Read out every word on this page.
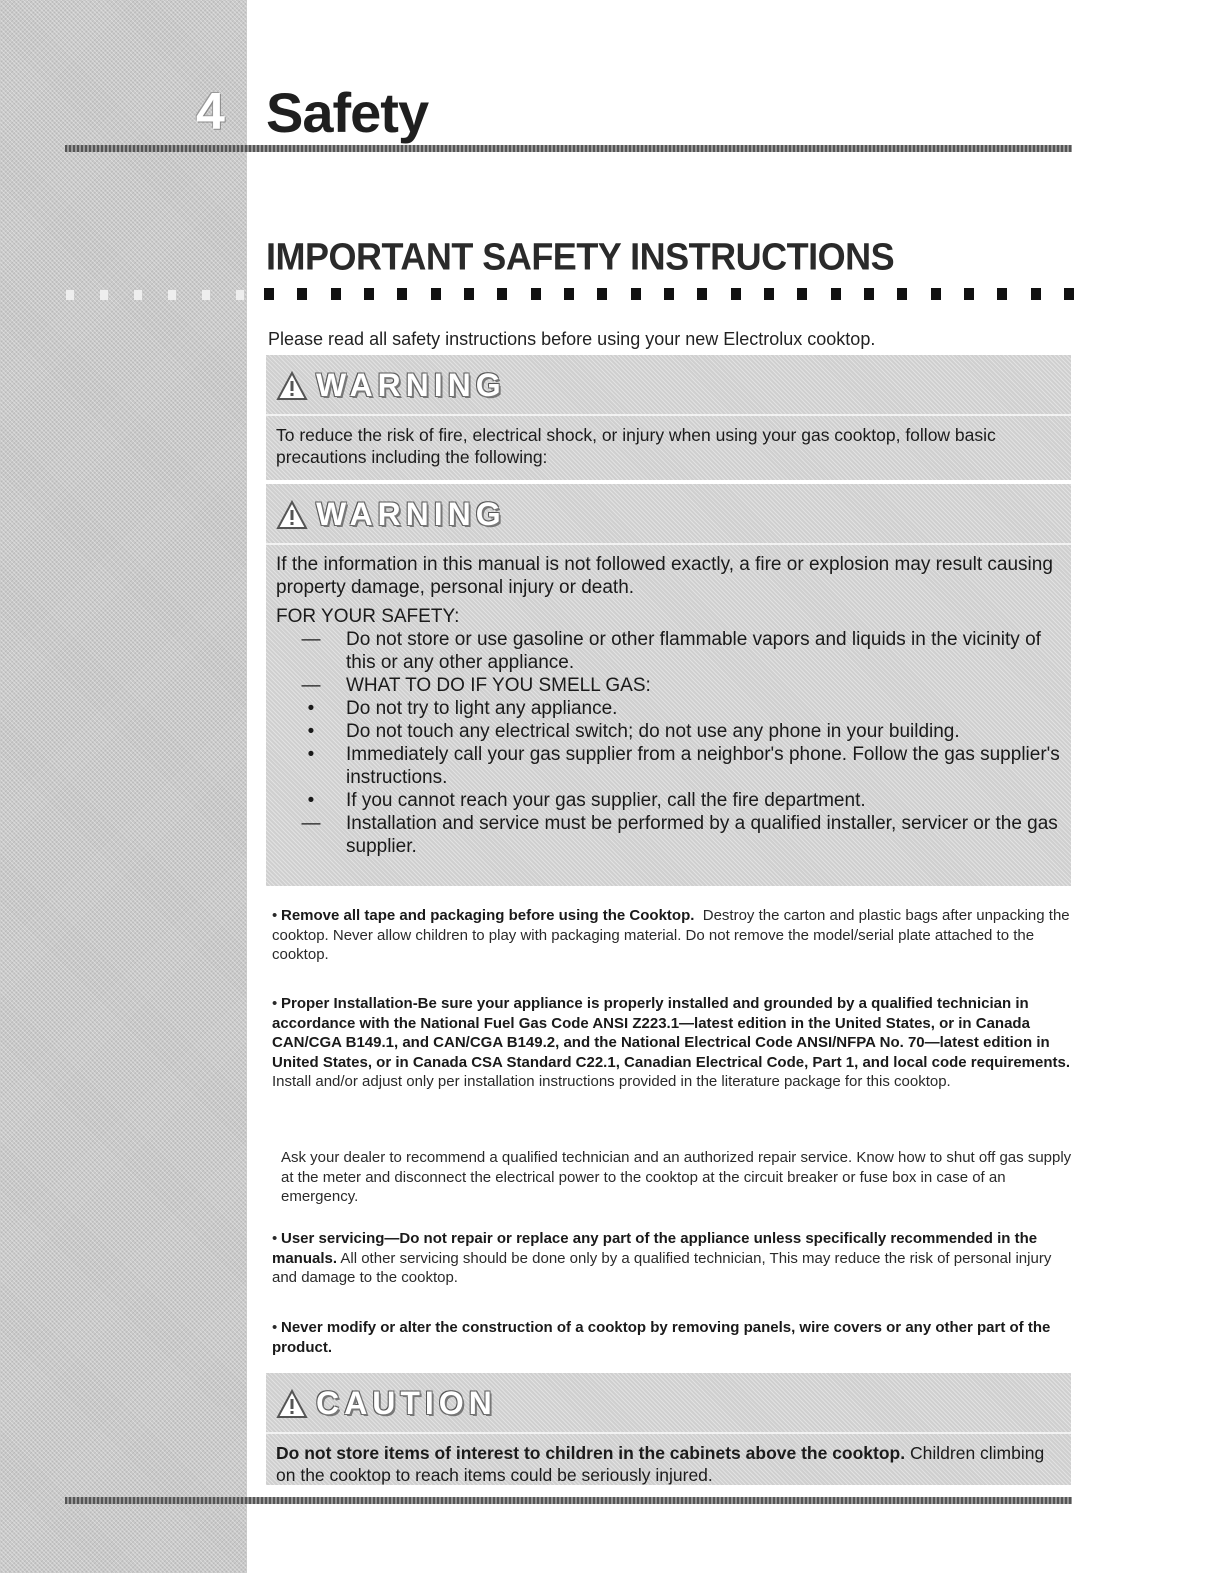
4 Safety
IMPORTANT SAFETY INSTRUCTIONS
Please read all safety instructions before using your new Electrolux cooktop.
WARNING

To reduce the risk of fire, electrical shock, or injury when using your gas cooktop, follow basic precautions including the following:

WARNING

If the information in this manual is not followed exactly, a fire or explosion may result causing property damage, personal injury or death.

FOR YOUR SAFETY:

—	Do not store or use gasoline or other flammable vapors and liquids in the vicinity of this or any other appliance.
—	WHAT TO DO IF YOU SMELL GAS:
•	Do not try to light any appliance.
•	Do not touch any electrical switch; do not use any phone in your building.
•	Immediately call your gas supplier from a neighbor's phone. Follow the gas supplier's instructions.
•	If you cannot reach your gas supplier, call the fire department.
—	Installation and service must be performed by a qualified installer, servicer or the gas supplier.
• Remove all tape and packaging before using the Cooktop. Destroy the carton and plastic bags after unpacking the cooktop. Never allow children to play with packaging material. Do not remove the model/serial plate attached to the cooktop.
• Proper Installation-Be sure your appliance is properly installed and grounded by a qualified technician in accordance with the National Fuel Gas Code ANSI Z223.1—latest edition in the United States, or in Canada CAN/CGA B149.1, and CAN/CGA B149.2, and the National Electrical Code ANSI/NFPA No. 70—latest edition in United States, or in Canada CSA Standard C22.1, Canadian Electrical Code, Part 1, and local code requirements. Install and/or adjust only per installation instructions provided in the literature package for this cooktop.
Ask your dealer to recommend a qualified technician and an authorized repair service. Know how to shut off gas supply at the meter and disconnect the electrical power to the cooktop at the circuit breaker or fuse box in case of an emergency.
• User servicing—Do not repair or replace any part of the appliance unless specifically recommended in the manuals. All other servicing should be done only by a qualified technician, This may reduce the risk of personal injury and damage to the cooktop.
• Never modify or alter the construction of a cooktop by removing panels, wire covers or any other part of the product.
CAUTION

Do not store items of interest to children in the cabinets above the cooktop. Children climbing on the cooktop to reach items could be seriously injured.
